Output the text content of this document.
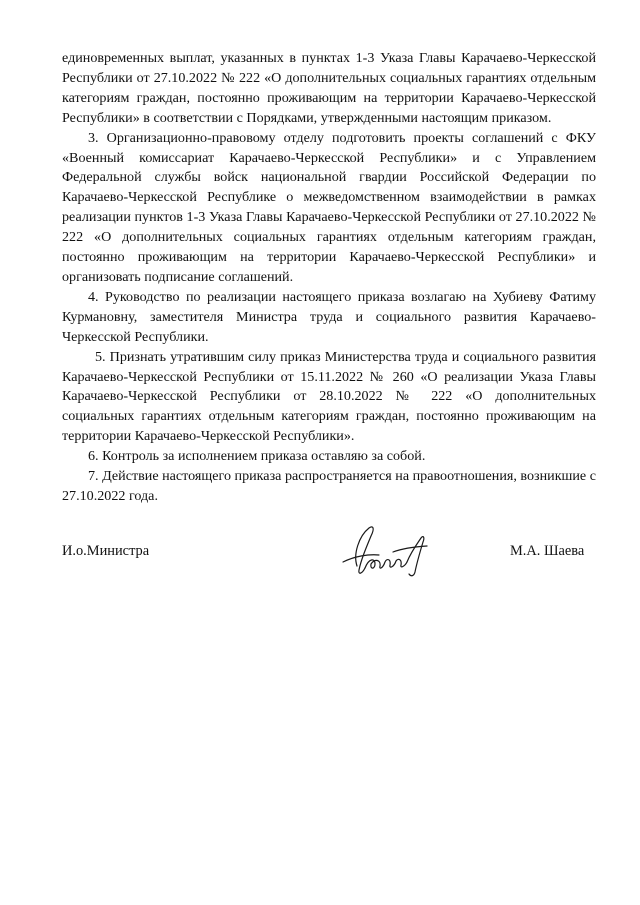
единовременных выплат, указанных в пунктах 1-3 Указа Главы Карачаево-Черкесской Республики от 27.10.2022 № 222 «О дополнительных социальных гарантиях отдельным категориям граждан, постоянно проживающим на территории Карачаево-Черкесской Республики» в соответствии с Порядками, утвержденными настоящим приказом.

3. Организационно-правовому отделу подготовить проекты соглашений с ФКУ «Военный комиссариат Карачаево-Черкесской Республики» и с Управлением Федеральной службы войск национальной гвардии Российской Федерации по Карачаево-Черкесской Республике о межведомственном взаимодействии в рамках реализации пунктов 1-3 Указа Главы Карачаево-Черкесской Республики от 27.10.2022 № 222 «О дополнительных социальных гарантиях отдельным категориям граждан, постоянно проживающим на территории Карачаево-Черкесской Республики» и организовать подписание соглашений.

4. Руководство по реализации настоящего приказа возлагаю на Хубиеву Фатиму Курмановну, заместителя Министра труда и социального развития Карачаево-Черкесской Республики.

5. Признать утратившим силу приказ Министерства труда и социального развития Карачаево-Черкесской Республики от 15.11.2022 № 260 «О реализации Указа Главы Карачаево-Черкесской Республики от 28.10.2022 № 222 «О дополнительных социальных гарантиях отдельным категориям граждан, постоянно проживающим на территории Карачаево-Черкесской Республики».

6. Контроль за исполнением приказа оставляю за собой.

7. Действие настоящего приказа распространяется на правоотношения, возникшие с 27.10.2022 года.

И.о.Министра	М.А. Шаева
